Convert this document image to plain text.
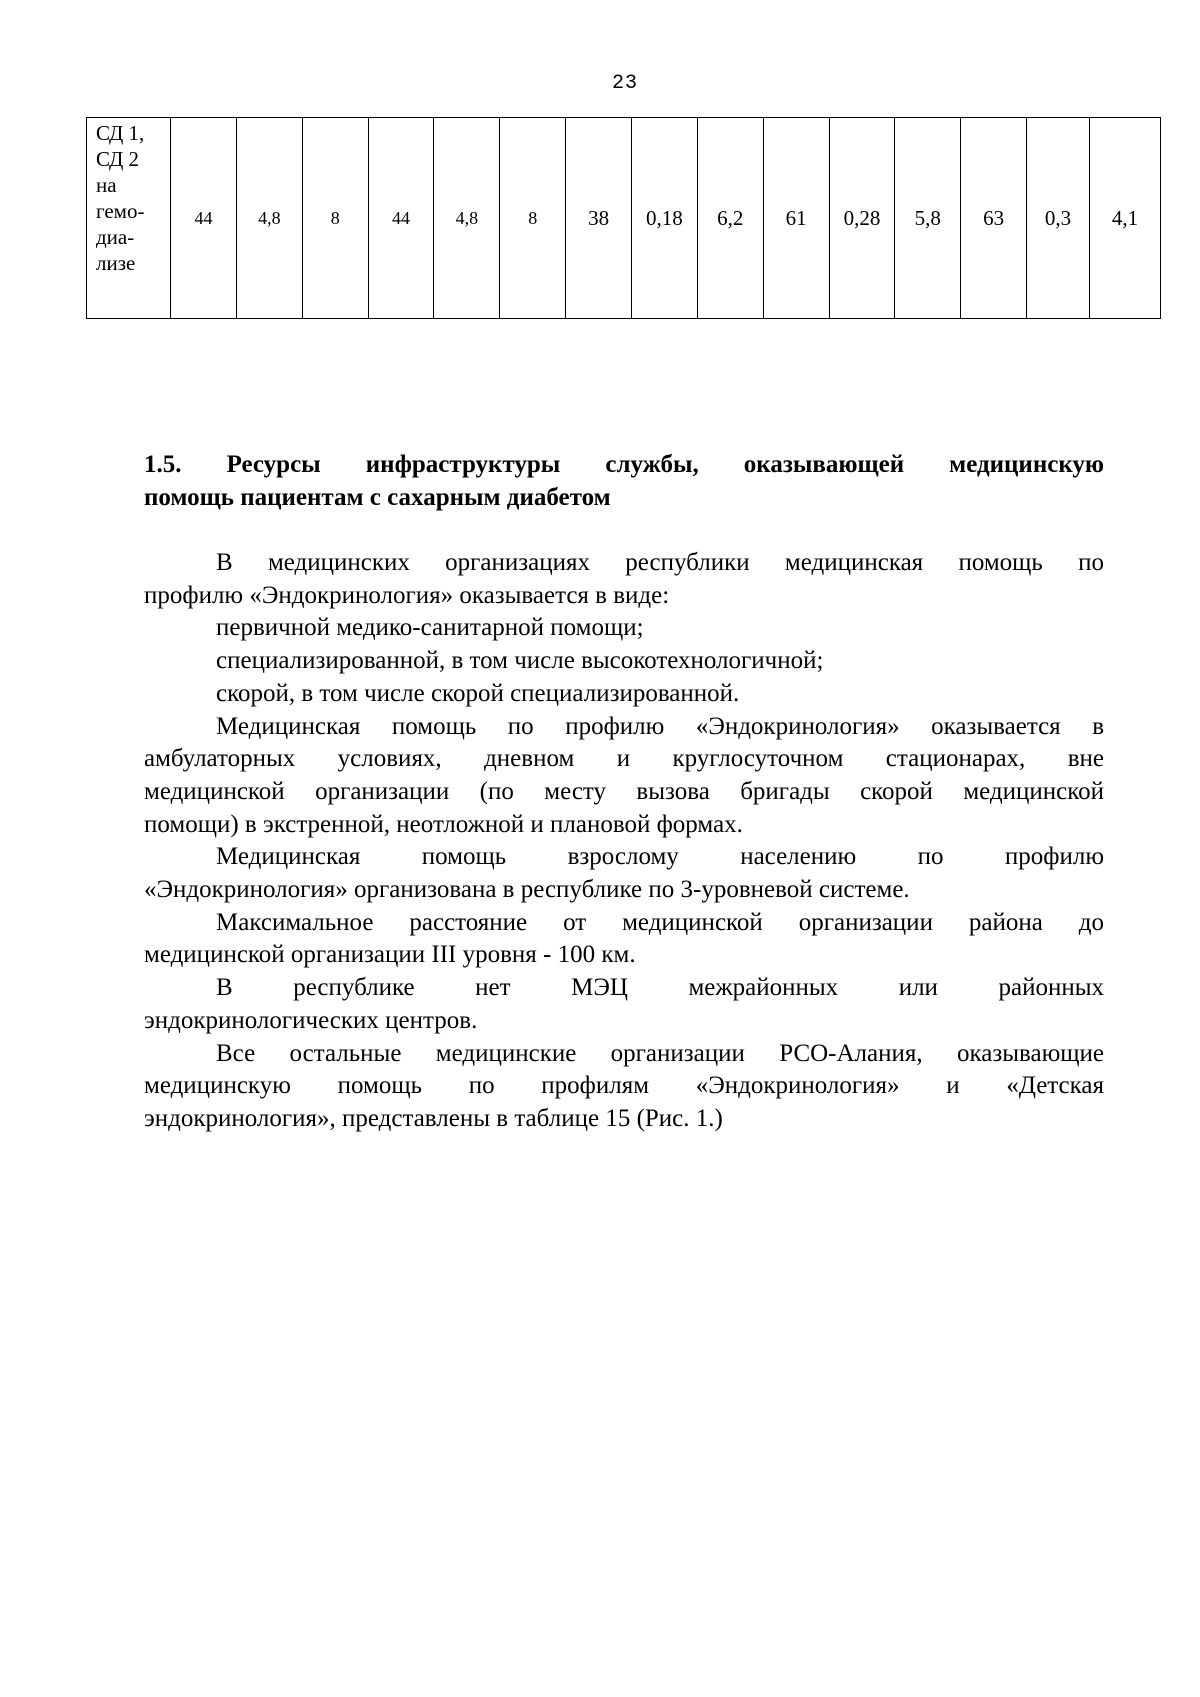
23
СД 1,
СД 2
на
гемо-
диа-
лизе
	44	4,8	8	44	4,8	8	38	0,18	6,2	61	0,28	5,8	63	0,3	4,1
1.5. Ресурсы инфраструктуры службы, оказывающей медицинскую
помощь пациентам с сахарным диабетом
В медицинских организациях республики медицинская помощь по
профилю «Эндокринология» оказывается в виде:
первичной медико-санитарной помощи;
специализированной, в том числе высокотехнологичной;
скорой, в том числе скорой специализированной.
Медицинская помощь по профилю «Эндокринология» оказывается в
амбулаторных условиях, дневном и круглосуточном стационарах, вне
медицинской организации (по месту вызова бригады скорой медицинской
помощи) в экстренной, неотложной и плановой формах.
Медицинская помощь взрослому населению по профилю
«Эндокринология» организована в республике по 3-уровневой системе.
Максимальное расстояние от медицинской организации района до
медицинской организации III уровня - 100 км.
В республике нет МЭЦ межрайонных или районных
эндокринологических центров.
Все остальные медицинские организации РСО-Алания, оказывающие
медицинскую помощь по профилям «Эндокринология» и «Детская
эндокринология», представлены в таблице 15 (Рис. 1.)
